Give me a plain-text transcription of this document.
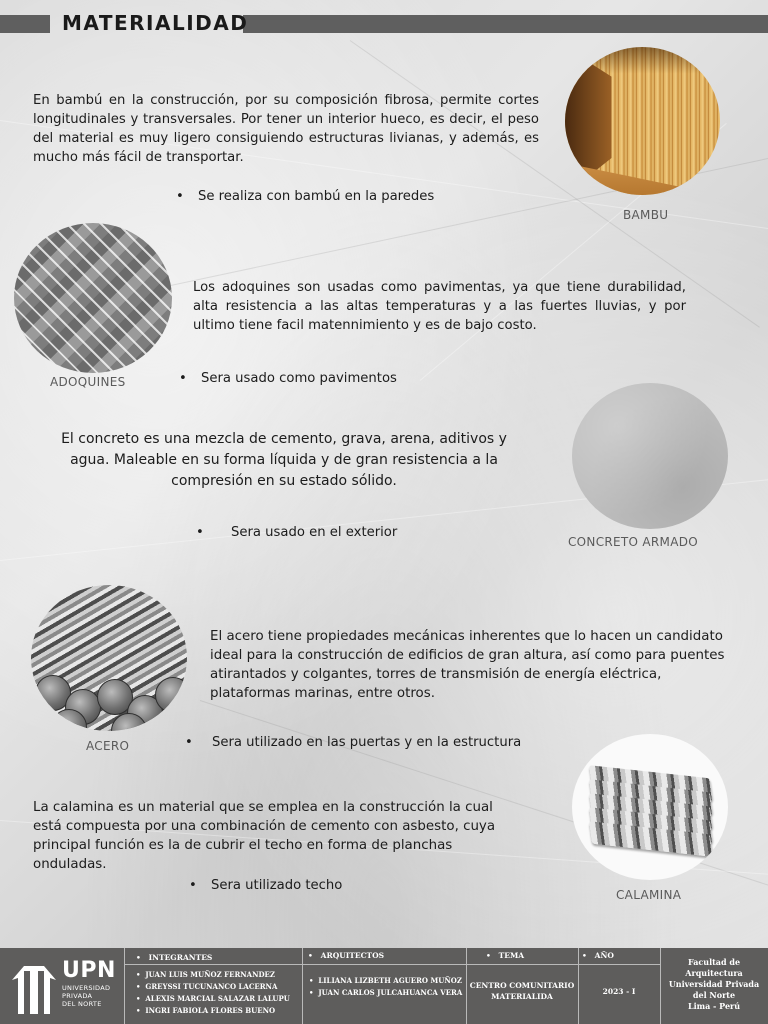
MATERIALIDAD
En bambú en la construcción, por su composición fibrosa, permite cortes longitudinales y transversales. Por tener un interior hueco, es decir, el peso del material es muy ligero consiguiendo estructuras livianas, y además, es mucho más fácil de transportar.
• Se realiza con bambú en la paredes
BAMBU
ADOQUINES
Los adoquines son usadas como pavimentas, ya que tiene durabilidad, alta resistencia a las altas temperaturas y a las fuertes lluvias, y por ultimo tiene facil matennimiento y es de bajo costo.
• Sera usado como pavimentos
El concreto es una mezcla de cemento, grava, arena, aditivos y agua. Maleable en su forma líquida y de gran resistencia a la compresión en su estado sólido.
• Sera usado en el exterior
CONCRETO ARMADO
ACERO
El acero tiene propiedades mecánicas inherentes que lo hacen un candidato ideal para la construcción de edificios de gran altura, así como para puentes atirantados y colgantes, torres de transmisión de energía eléctrica, plataformas marinas, entre otros.
• Sera utilizado en las puertas y en la estructura
La calamina es un material que se emplea en la construcción la cual está compuesta por una combinación de cemento con asbesto, cuya principal función es la de cubrir el techo en forma de planchas onduladas.
• Sera utilizado techo
CALAMINA
UPN
UNIVERSIDAD
PRIVADA
DEL NORTE
• INTEGRANTES
• JUAN LUIS MUÑOZ FERNANDEZ
• GREYSSI TUCUNANCO LACERNA
• ALEXIS MARCIAL SALAZAR LALUPU
• INGRI FABIOLA FLORES BUENO
• ARQUITECTOS
• LILIANA LIZBETH AGUERO MUÑOZ
• JUAN CARLOS JULCAHUANCA VERA
• TEMA
CENTRO COMUNITARIO
MATERIALIDA
• AÑO
2023 - I
Facultad de
Arquitectura
Universidad Privada
del Norte
Lima - Perú
